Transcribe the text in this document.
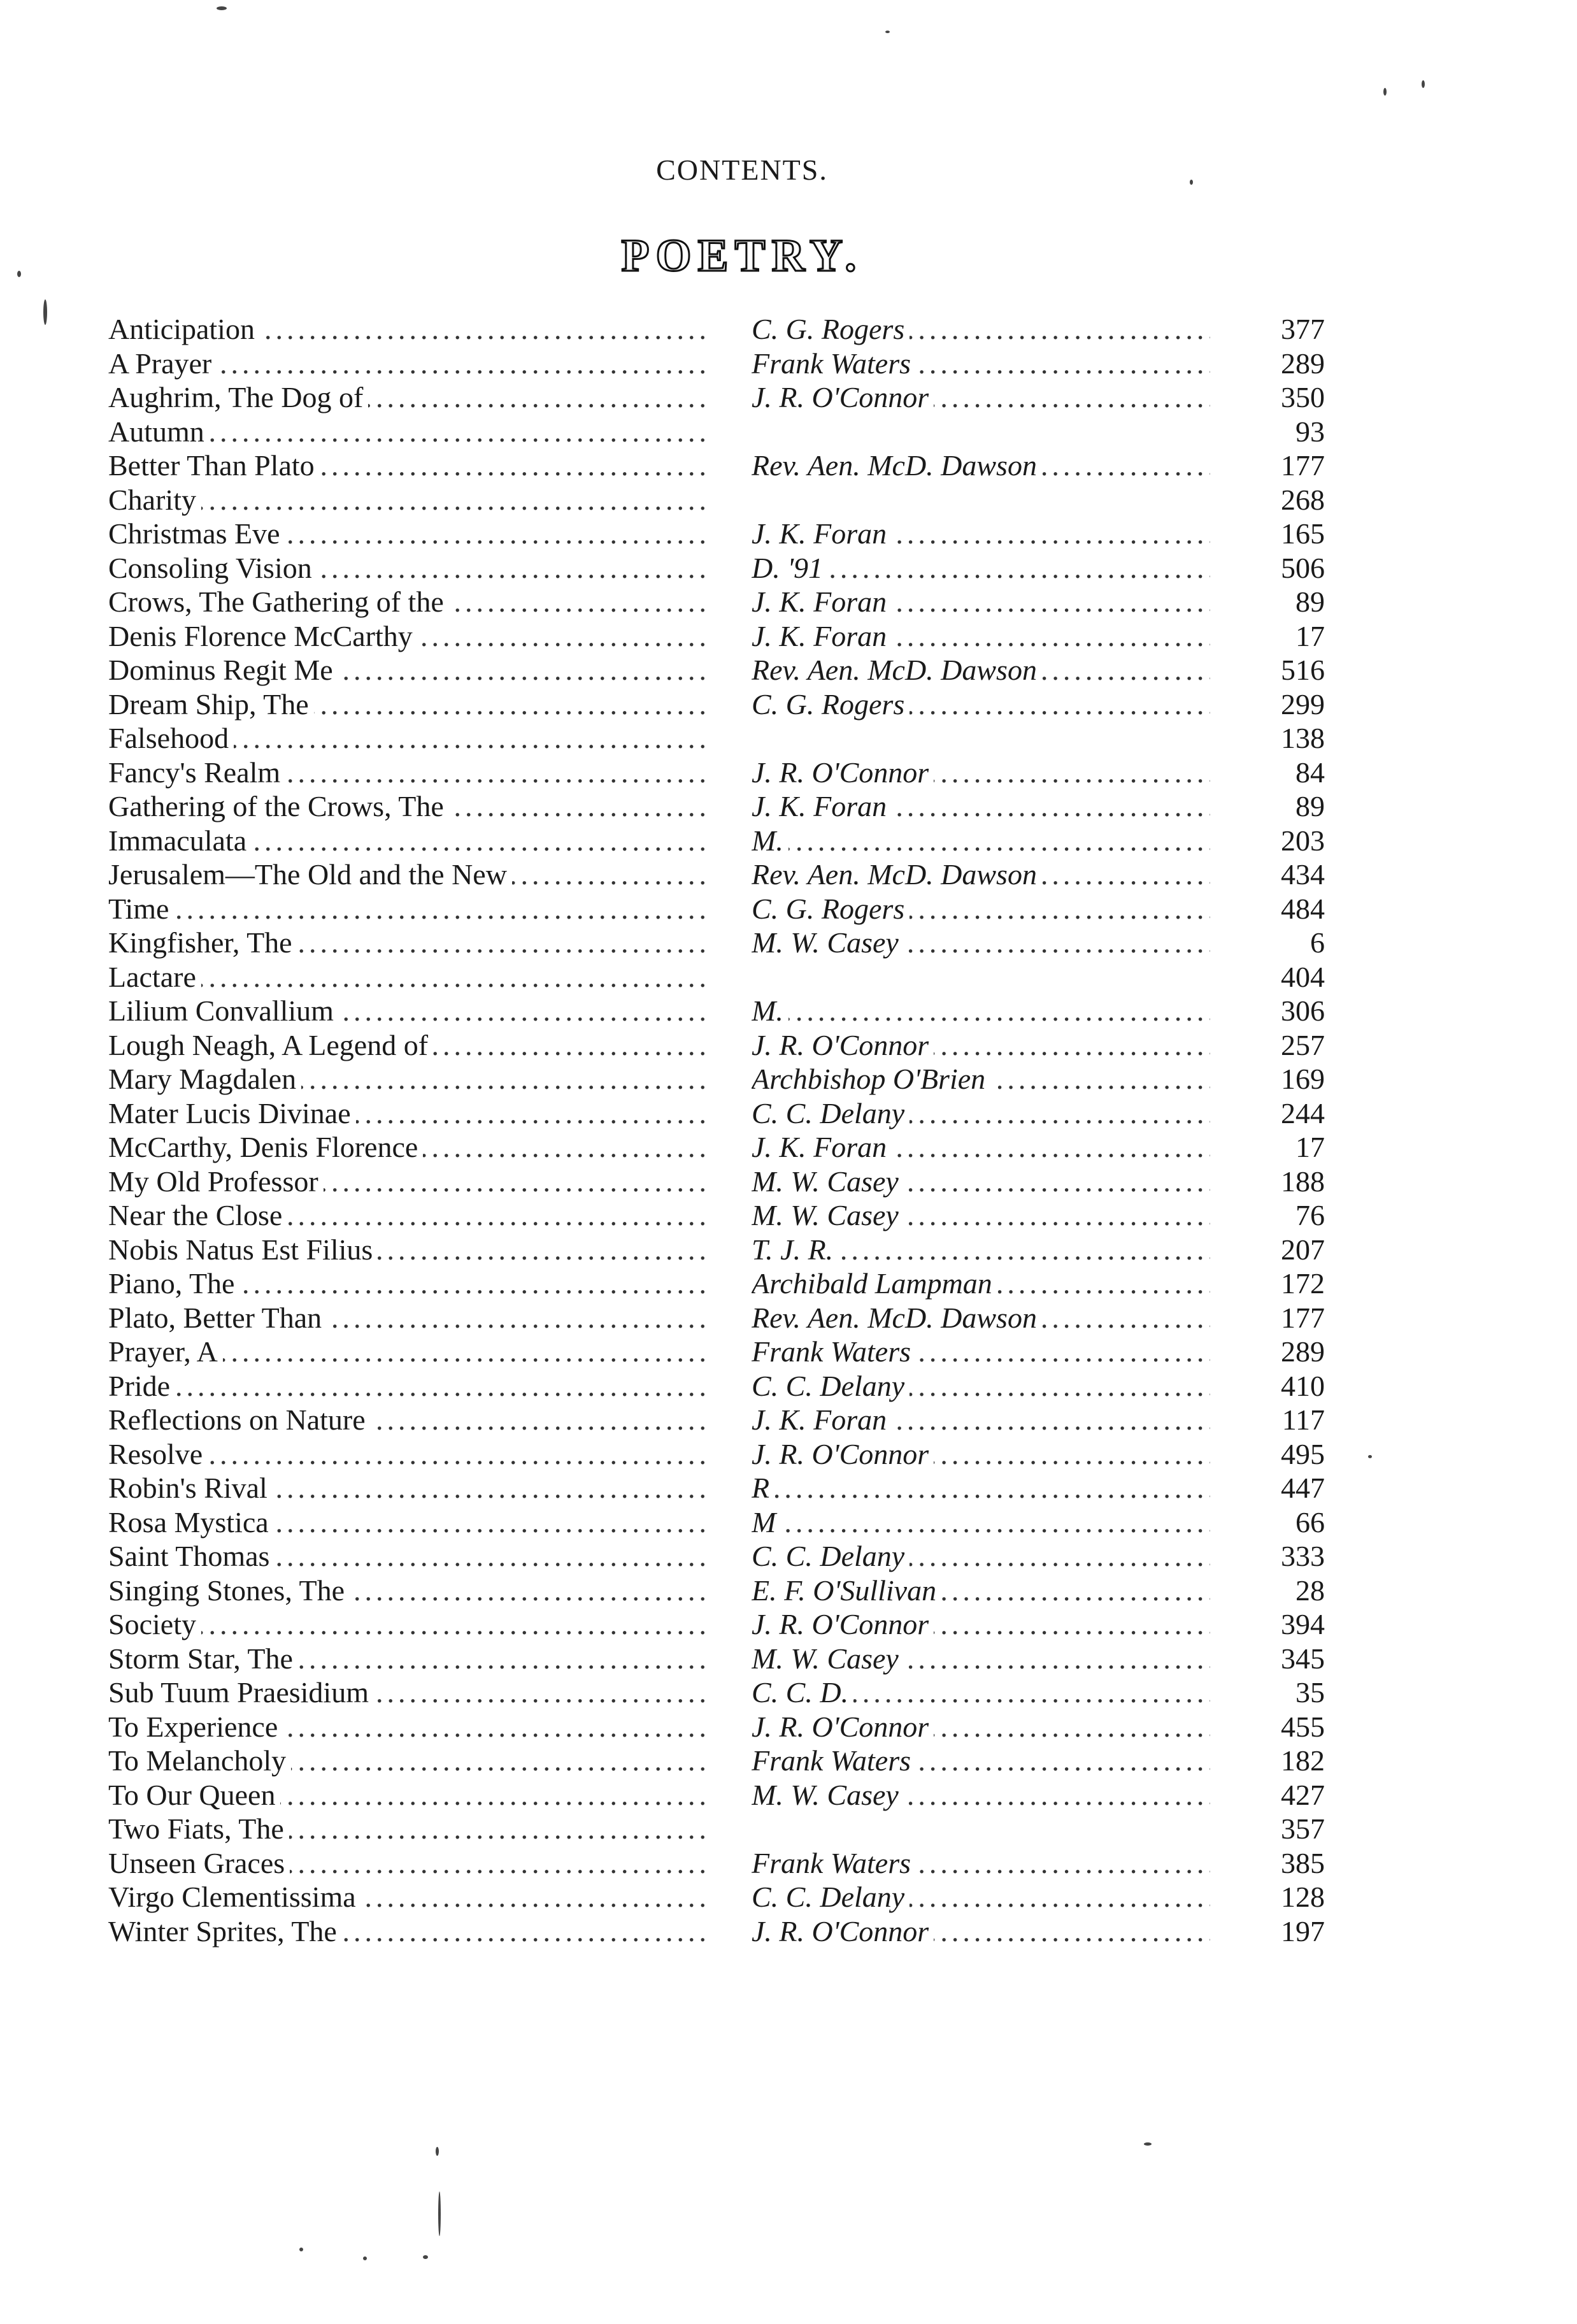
CONTENTS.
POETRY.
Anticipation .....	C. G. Rogers .....	377
A Prayer .....	Frank Waters .....	289
Aughrim, The Dog of .....	J. R. O'Connor .....	350
Autumn .....	93
Better Than Plato .....	Rev. Aen. McD. Dawson .....	177
Charity .....	268
Christmas Eve .....	J. K. Foran .....	165
Consoling Vision .....	D. '91 .....	506
Crows, The Gathering of the .....	J. K. Foran .....	89
Denis Florence McCarthy .....	J. K. Foran .....	17
Dominus Regit Me .....	Rev. Aen. McD. Dawson .....	516
Dream Ship, The .....	C. G. Rogers .....	299
Falsehood .....	138
Fancy's Realm .....	J. R. O'Connor .....	84
Gathering of the Crows, The .....	J. K. Foran .....	89
Immaculata .....	M. .....	203
Jerusalem—The Old and the New .....	Rev. Aen. McD. Dawson .....	434
Time .....	C. G. Rogers .....	484
Kingfisher, The .....	M. W. Casey .....	6
Lactare .....	404
Lilium Convallium .....	M. .....	306
Lough Neagh, A Legend of .....	J. R. O'Connor .....	257
Mary Magdalen .....	Archbishop O'Brien .....	169
Mater Lucis Divinae .....	C. C. Delany .....	244
McCarthy, Denis Florence .....	J. K. Foran .....	17
My Old Professor .....	M. W. Casey .....	188
Near the Close .....	M. W. Casey .....	76
Nobis Natus Est Filius .....	T. J. R. .....	207
Piano, The .....	Archibald Lampman .....	172
Plato, Better Than .....	Rev. Aen. McD. Dawson .....	177
Prayer, A .....	Frank Waters .....	289
Pride .....	C. C. Delany .....	410
Reflections on Nature .....	J. K. Foran .....	117
Resolve .....	J. R. O'Connor .....	495
Robin's Rival .....	R .....	447
Rosa Mystica .....	M .....	66
Saint Thomas .....	C. C. Delany .....	333
Singing Stones, The .....	E. F. O'Sullivan .....	28
Society .....	J. R. O'Connor .....	394
Storm Star, The .....	M. W. Casey .....	345
Sub Tuum Praesidium .....	C. C. D. .....	35
To Experience .....	J. R. O'Connor .....	455
To Melancholy .....	Frank Waters .....	182
To Our Queen .....	M. W. Casey .....	427
Two Fiats, The .....	357
Unseen Graces .....	Frank Waters .....	385
Virgo Clementissima .....	C. C. Delany .....	128
Winter Sprites, The .....	J. R. O'Connor .....	197
